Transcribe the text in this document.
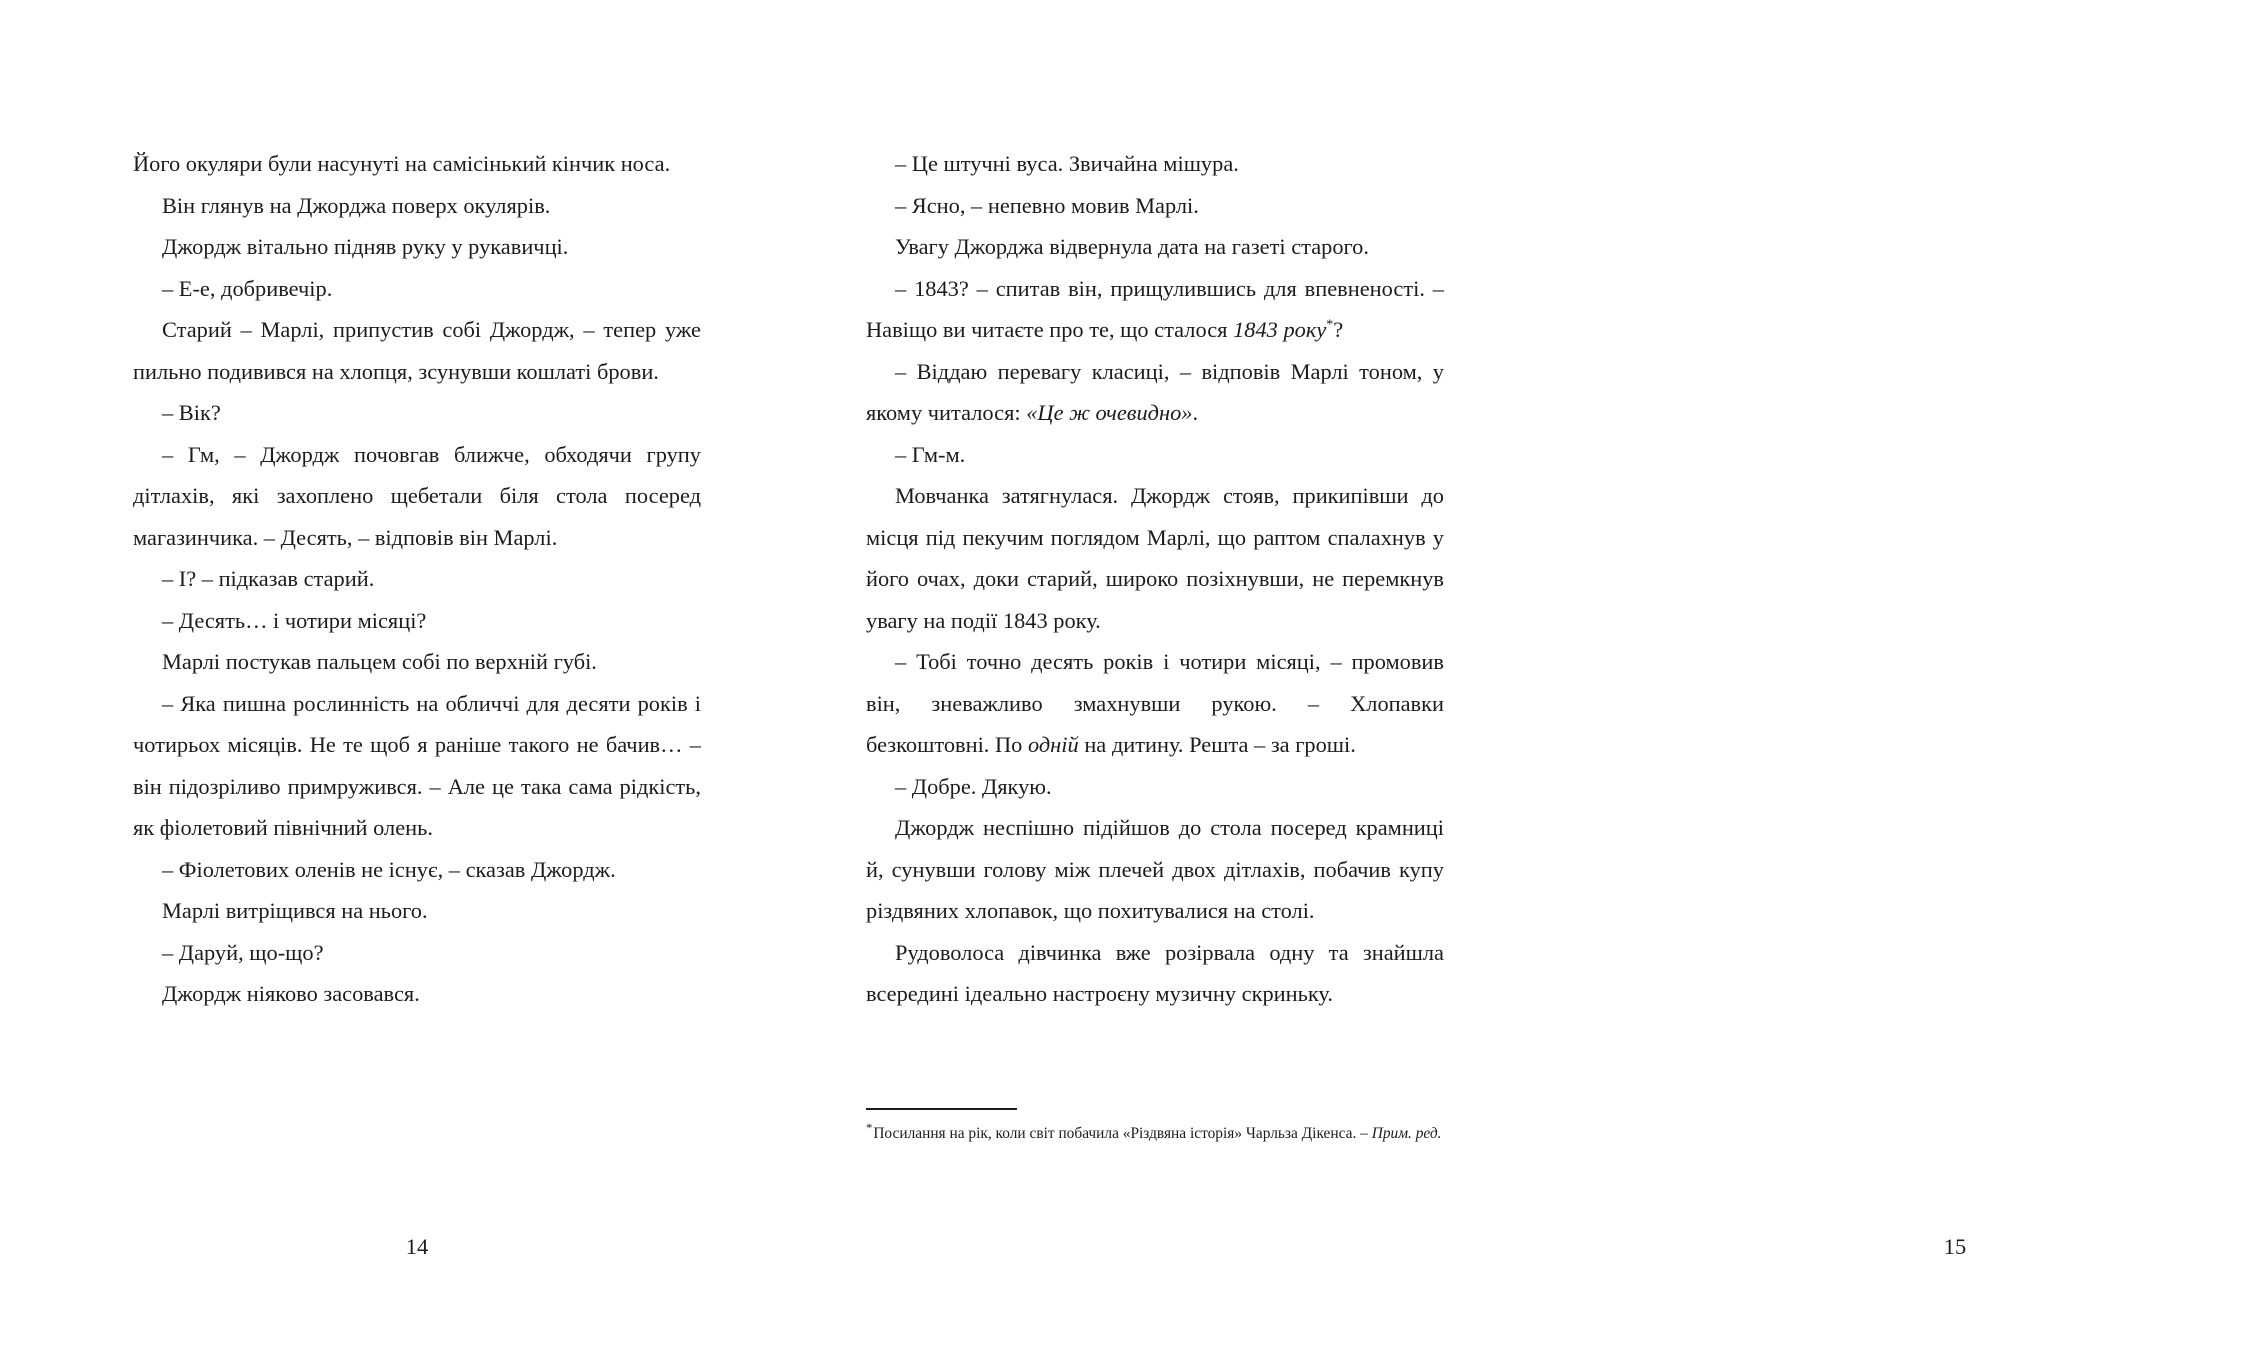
Його окуляри були насунуті на самісінький кінчик носа.

Він глянув на Джорджа поверх окулярів.

Джордж вітально підняв руку у рукавичці.

– Е-е, добривечір.

Старий – Марлі, припустив собі Джордж, – тепер уже пильно подивився на хлопця, зсунувши кошлаті брови.

– Вік?

– Гм, – Джордж почовгав ближче, обходячи групу дітлахів, які захоплено щебетали біля стола посеред магазинчика. – Десять, – відповів він Марлі.

– І? – підказав старий.

– Десять… і чотири місяці?

Марлі постукав пальцем собі по верхній губі.

– Яка пишна рослинність на обличчі для десяти років і чотирьох місяців. Не те щоб я раніше такого не бачив… – він підозріливо примружився. – Але це така сама рідкість, як фіолетовий північний олень.

– Фіолетових оленів не існує, – сказав Джордж.

Марлі витріщився на нього.

– Даруй, що-що?

Джордж ніяково засовався.

14

– Це штучні вуса. Звичайна мішура.

– Ясно, – непевно мовив Марлі.

Увагу Джорджа відвернула дата на газеті старого.

– 1843? – спитав він, прищулившись для впевненості. – Навіщо ви читаєте про те, що сталося 1843 року*?

– Віддаю перевагу класиці, – відповів Марлі тоном, у якому читалося: «Це ж очевидно».

– Гм-м.

Мовчанка затягнулася. Джордж стояв, прикипівши до місця під пекучим поглядом Марлі, що раптом спалахнув у його очах, доки старий, широко позіхнувши, не перемкнув увагу на події 1843 року.

– Тобі точно десять років і чотири місяці, – промовив він, зневажливо змахнувши рукою. – Хлопавки безкоштовні. По одній на дитину. Решта – за гроші.

– Добре. Дякую.

Джордж неспішно підійшов до стола посеред крамниці й, сунувши голову між плечей двох дітлахів, побачив купу різдвяних хлопавок, що похитувалися на столі.

Рудоволоса дівчинка вже розірвала одну та знайшла всередині ідеально настроєну музичну скриньку.

*Посилання на рік, коли світ побачила «Різдвяна історія» Чарльза Дікенса. – Прим. ред.

15
